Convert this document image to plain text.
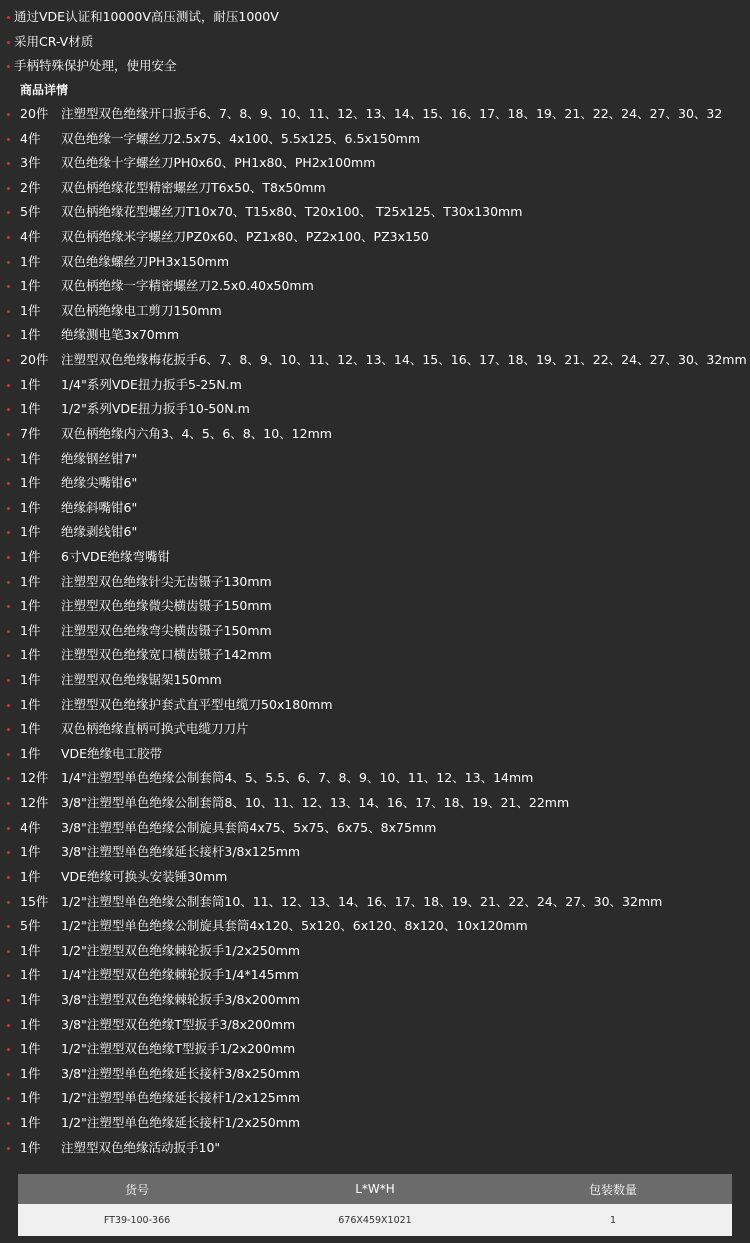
通过VDE认证和10000V高压测试，耐压1000V
采用CR-V材质
手柄特殊保护处理，使用安全
商品详情
20件 注塑型双色绝缘开口扳手6、7、8、9、10、11、12、13、14、15、16、17、18、19、21、22、24、27、30、32
4件 双色绝缘一字螺丝刀2.5x75、4x100、5.5x125、6.5x150mm
3件 双色绝缘十字螺丝刀PH0x60、PH1x80、PH2x100mm
2件 双色柄绝缘花型精密螺丝刀T6x50、T8x50mm
5件 双色柄绝缘花型螺丝刀T10x70、T15x80、T20x100、 T25x125、T30x130mm
4件 双色柄绝缘米字螺丝刀PZ0x60、PZ1x80、PZ2x100、PZ3x150
1件 双色绝缘螺丝刀PH3x150mm
1件 双色柄绝缘一字精密螺丝刀2.5x0.40x50mm
1件 双色柄绝缘电工剪刀150mm
1件 绝缘测电笔3x70mm
20件 注塑型双色绝缘梅花扳手6、7、8、9、10、11、12、13、14、15、16、17、18、19、21、22、24、27、30、32mm
1件 1/4"系列VDE扭力扳手5-25N.m
1件 1/2"系列VDE扭力扳手10-50N.m
7件 双色柄绝缘内六角3、4、5、6、8、10、12mm
1件 绝缘钢丝钳7"
1件 绝缘尖嘴钳6"
1件 绝缘斜嘴钳6"
1件 绝缘剥线钳6"
1件 6寸VDE绝缘弯嘴钳
1件 注塑型双色绝缘针尖无齿镊子130mm
1件 注塑型双色绝缘微尖横齿镊子150mm
1件 注塑型双色绝缘弯尖横齿镊子150mm
1件 注塑型双色绝缘宽口横齿镊子142mm
1件 注塑型双色绝缘锯架150mm
1件 注塑型双色绝缘护套式直平型电缆刀50x180mm
1件 双色柄绝缘直柄可换式电缆刀刀片
1件 VDE绝缘电工胶带
12件 1/4"注塑型单色绝缘公制套筒4、5、5.5、6、7、8、9、10、11、12、13、14mm
12件 3/8"注塑型单色绝缘公制套筒8、10、11、12、13、14、16、17、18、19、21、22mm
4件 3/8"注塑型单色绝缘公制旋具套筒4x75、5x75、6x75、8x75mm
1件 3/8"注塑型单色绝缘延长接杆3/8x125mm
1件 VDE绝缘可换头安装锤30mm
15件 1/2"注塑型单色绝缘公制套筒10、11、12、13、14、16、17、18、19、21、22、24、27、30、32mm
5件 1/2"注塑型单色绝缘公制旋具套筒4x120、5x120、6x120、8x120、10x120mm
1件 1/2"注塑型双色绝缘棘轮扳手1/2x250mm
1件 1/4"注塑型双色绝缘棘轮扳手1/4*145mm
1件 3/8"注塑型双色绝缘棘轮扳手3/8x200mm
1件 3/8"注塑型双色绝缘T型扳手3/8x200mm
1件 1/2"注塑型双色绝缘T型扳手1/2x200mm
1件 3/8"注塑型单色绝缘延长接杆3/8x250mm
1件 1/2"注塑型单色绝缘延长接杆1/2x125mm
1件 1/2"注塑型单色绝缘延长接杆1/2x250mm
1件 注塑型双色绝缘活动扳手10"
货号	L*W*H	包装数量
FT39-100-366	676X459X1021	1
